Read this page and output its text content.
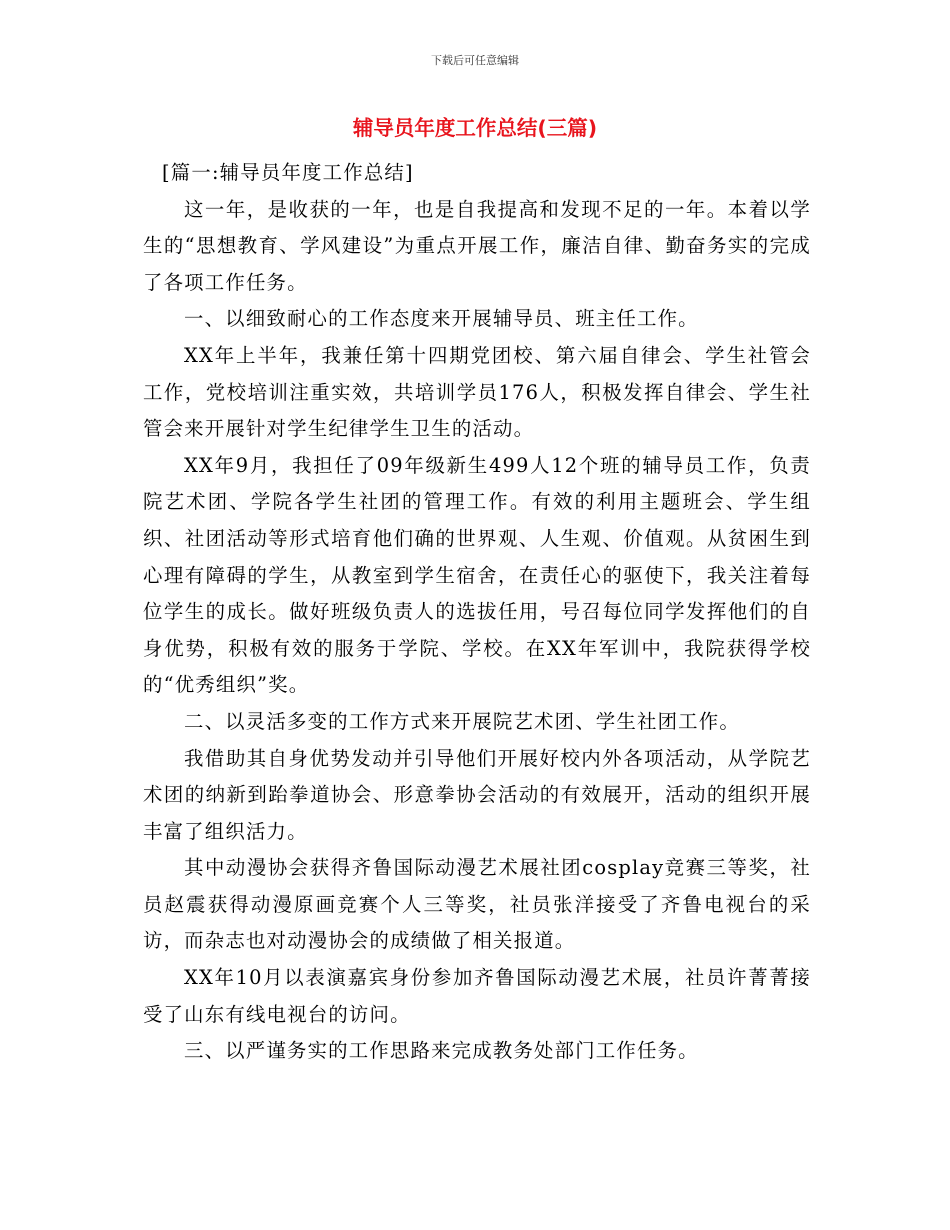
下载后可任意编辑
辅导员年度工作总结(三篇)

[篇一:辅导员年度工作总结]

这一年，是收获的一年，也是自我提高和发现不足的一年。本着以学生的“思想教育、学风建设”为重点开展工作，廉洁自律、勤奋务实的完成了各项工作任务。

一、以细致耐心的工作态度来开展辅导员、班主任工作。

XX年上半年，我兼任第十四期党团校、第六届自律会、学生社管会工作，党校培训注重实效，共培训学员176人，积极发挥自律会、学生社管会来开展针对学生纪律学生卫生的活动。

XX年9月，我担任了09年级新生499人12个班的辅导员工作，负责院艺术团、学院各学生社团的管理工作。有效的利用主题班会、学生组织、社团活动等形式培育他们确的世界观、人生观、价值观。从贫困生到心理有障碍的学生，从教室到学生宿舍，在责任心的驱使下，我关注着每位学生的成长。做好班级负责人的选拔任用，号召每位同学发挥他们的自身优势，积极有效的服务于学院、学校。在XX年军训中，我院获得学校的“优秀组织”奖。

二、以灵活多变的工作方式来开展院艺术团、学生社团工作。

我借助其自身优势发动并引导他们开展好校内外各项活动，从学院艺术团的纳新到跆拳道协会、形意拳协会活动的有效展开，活动的组织开展丰富了组织活力。

其中动漫协会获得齐鲁国际动漫艺术展社团cosplay竞赛三等奖，社员赵震获得动漫原画竞赛个人三等奖，社员张洋接受了齐鲁电视台的采访，而杂志也对动漫协会的成绩做了相关报道。

XX年10月以表演嘉宾身份参加齐鲁国际动漫艺术展，社员许菁菁接受了山东有线电视台的访问。

三、以严谨务实的工作思路来完成教务处部门工作任务。
